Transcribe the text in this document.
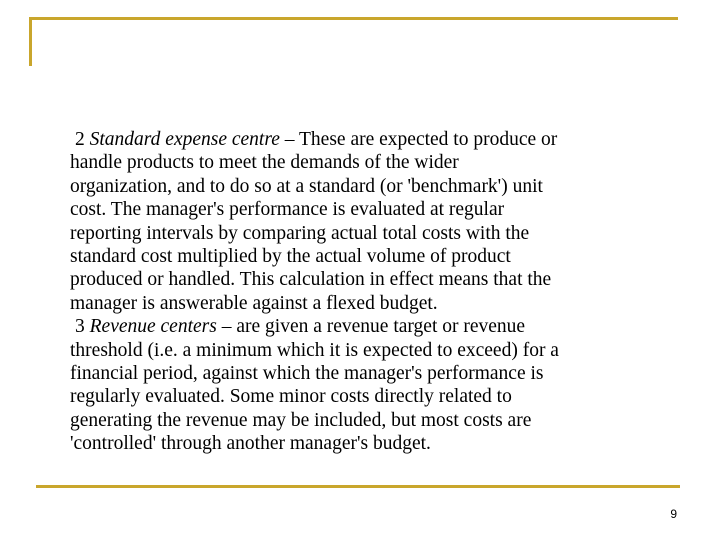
2 Standard expense centre – These are expected to produce or
handle products to meet the demands of the wider
organization, and to do so at a standard (or 'benchmark') unit
cost. The manager's performance is evaluated at regular
reporting intervals by comparing actual total costs with the
standard cost multiplied by the actual volume of product
produced or handled. This calculation in effect means that the
manager is answerable against a flexed budget.

3 Revenue centers – are given a revenue target or revenue
threshold (i.e. a minimum which it is expected to exceed) for a
financial period, against which the manager's performance is
regularly evaluated. Some minor costs directly related to
generating the revenue may be included, but most costs are
'controlled' through another manager's budget.

9
